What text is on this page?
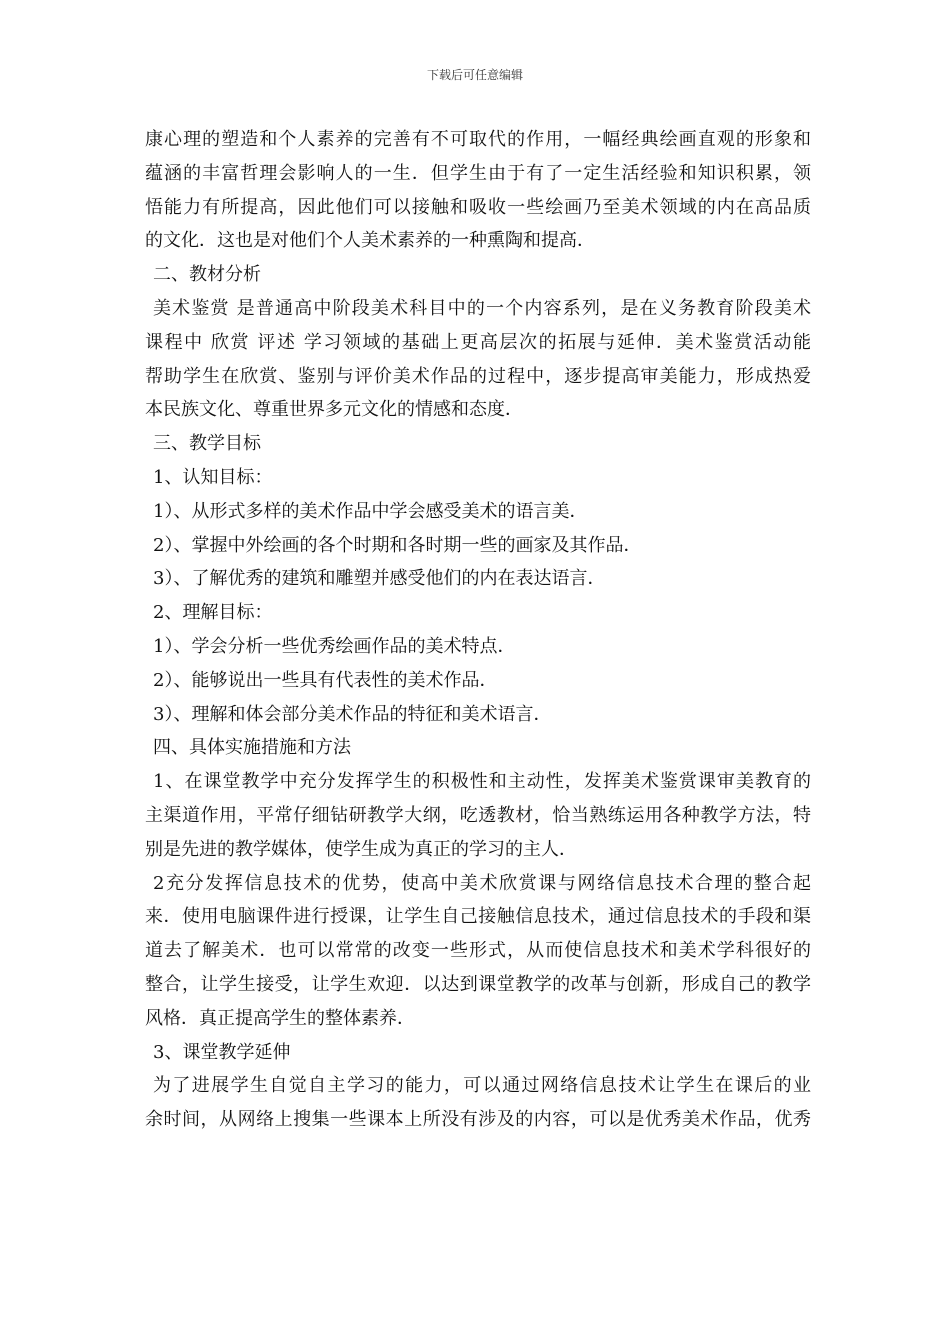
下载后可任意编辑
康心理的塑造和个人素养的完善有不可取代的作用，一幅经典绘画直观的形象和
蕴涵的丰富哲理会影响人的一生．但学生由于有了一定生活经验和知识积累，领
悟能力有所提高，因此他们可以接触和吸收一些绘画乃至美术领域的内在高品质
的文化．这也是对他们个人美术素养的一种熏陶和提高．
二、教材分析
美术鉴赏 是普通高中阶段美术科目中的一个内容系列，是在义务教育阶段美术
课程中 欣赏 评述 学习领域的基础上更高层次的拓展与延伸．美术鉴赏活动能
帮助学生在欣赏、鉴别与评价美术作品的过程中，逐步提高审美能力，形成热爱
本民族文化、尊重世界多元文化的情感和态度．
三、教学目标
1、认知目标：
1）、从形式多样的美术作品中学会感受美术的语言美．
2）、掌握中外绘画的各个时期和各时期一些的画家及其作品．
3）、了解优秀的建筑和雕塑并感受他们的内在表达语言．
2、理解目标：
1）、学会分析一些优秀绘画作品的美术特点．
2）、能够说出一些具有代表性的美术作品．
3）、理解和体会部分美术作品的特征和美术语言．
四、具体实施措施和方法
1、在课堂教学中充分发挥学生的积极性和主动性，发挥美术鉴赏课审美教育的
主渠道作用，平常仔细钻研教学大纲，吃透教材，恰当熟练运用各种教学方法，特
别是先进的教学媒体，使学生成为真正的学习的主人．
2充分发挥信息技术的优势，使高中美术欣赏课与网络信息技术合理的整合起
来．使用电脑课件进行授课，让学生自己接触信息技术，通过信息技术的手段和渠
道去了解美术．也可以常常的改变一些形式，从而使信息技术和美术学科很好的
整合，让学生接受，让学生欢迎．以达到课堂教学的改革与创新，形成自己的教学
风格．真正提高学生的整体素养．
3、课堂教学延伸
为了进展学生自觉自主学习的能力，可以通过网络信息技术让学生在课后的业
余时间，从网络上搜集一些课本上所没有涉及的内容，可以是优秀美术作品，优秀
